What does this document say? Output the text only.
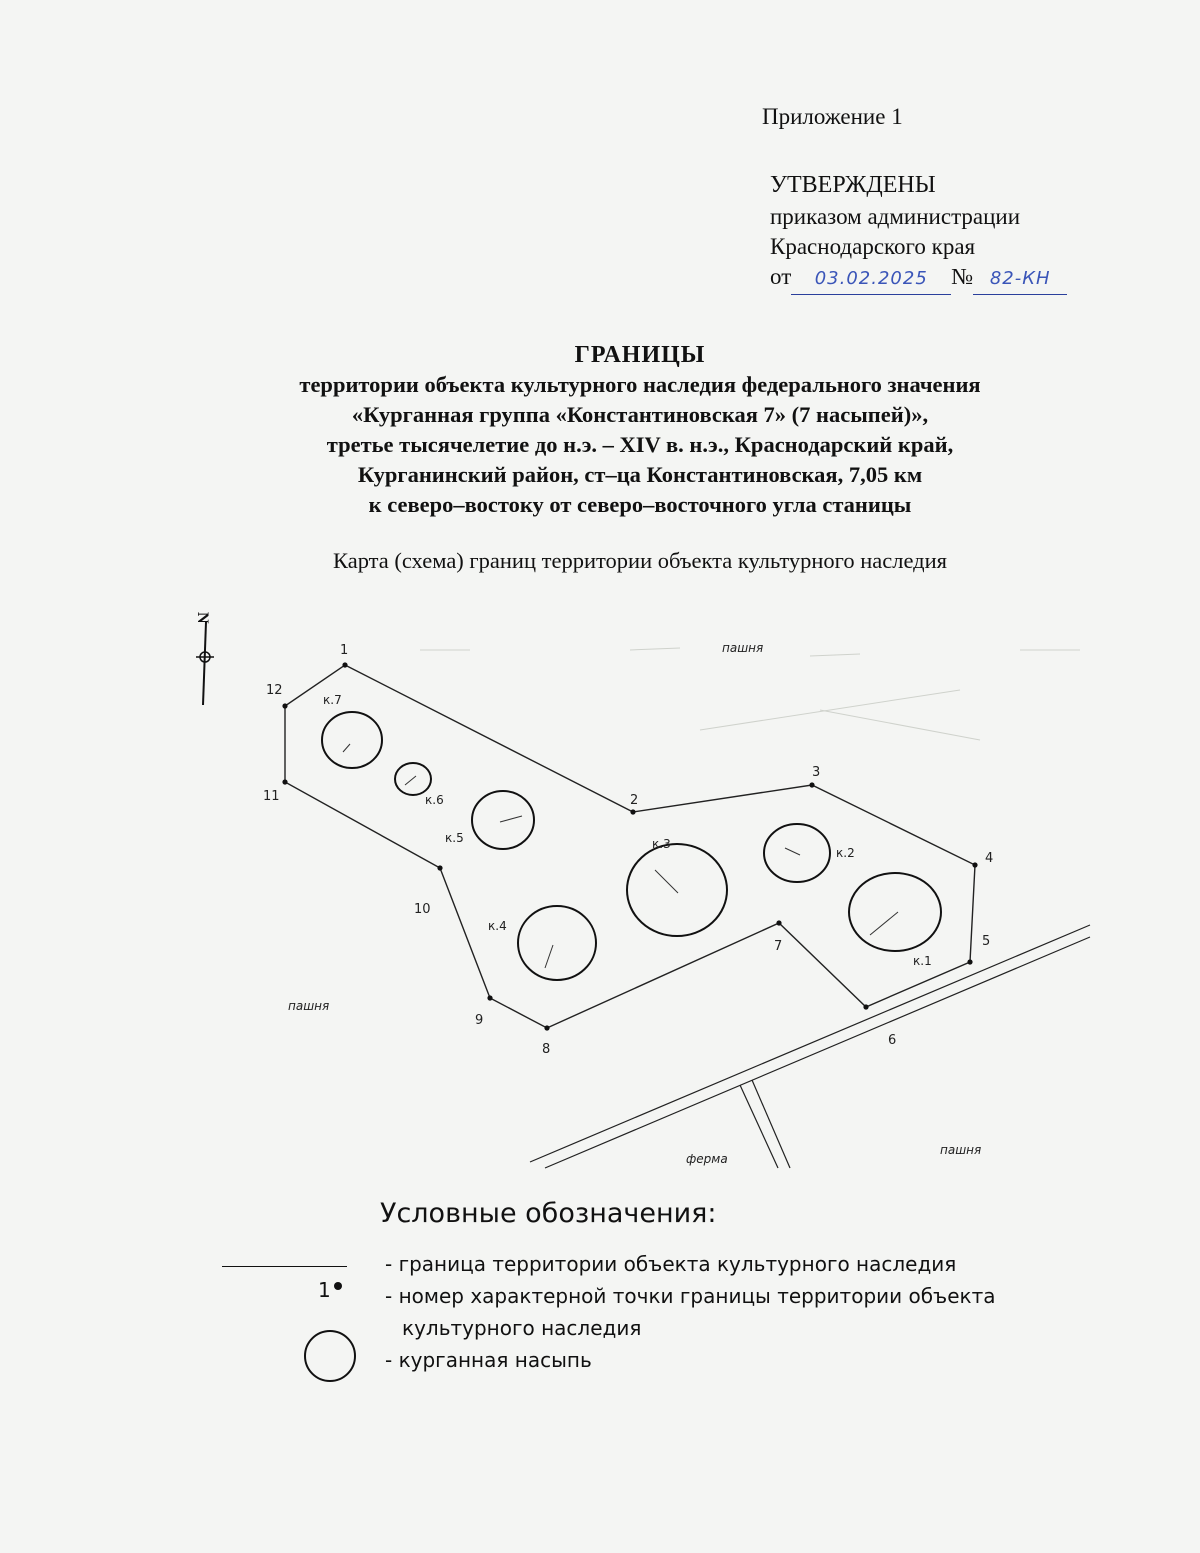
Приложение 1
УТВЕРЖДЕНЫ
приказом администрации
Краснодарского края
от 03.02.2025 № 82-КН
ГРАНИЦЫ
территории объекта культурного наследия федерального значения
«Курганная группа «Константиновская 7» (7 насыпей)»,
третье тысячелетие до н.э. – XIV в. н.э., Краснодарский край,
Курганинский район, ст–ца Константиновская, 7,05 км
к северо–востоку от северо–восточного угла станицы
Карта (схема) границ территории объекта культурного наследия
N
1
2
3
4
5
6
7
8
9
10
11
12
к.1
к.2
к.3
к.4
к.5
к.6
к.7
пашня
пашня
ферма
пашня
Условные обозначения:
- граница территории объекта культурного наследия
1	- номер характерной точки границы территории объекта
культурного наследия
- курганная насыпь
